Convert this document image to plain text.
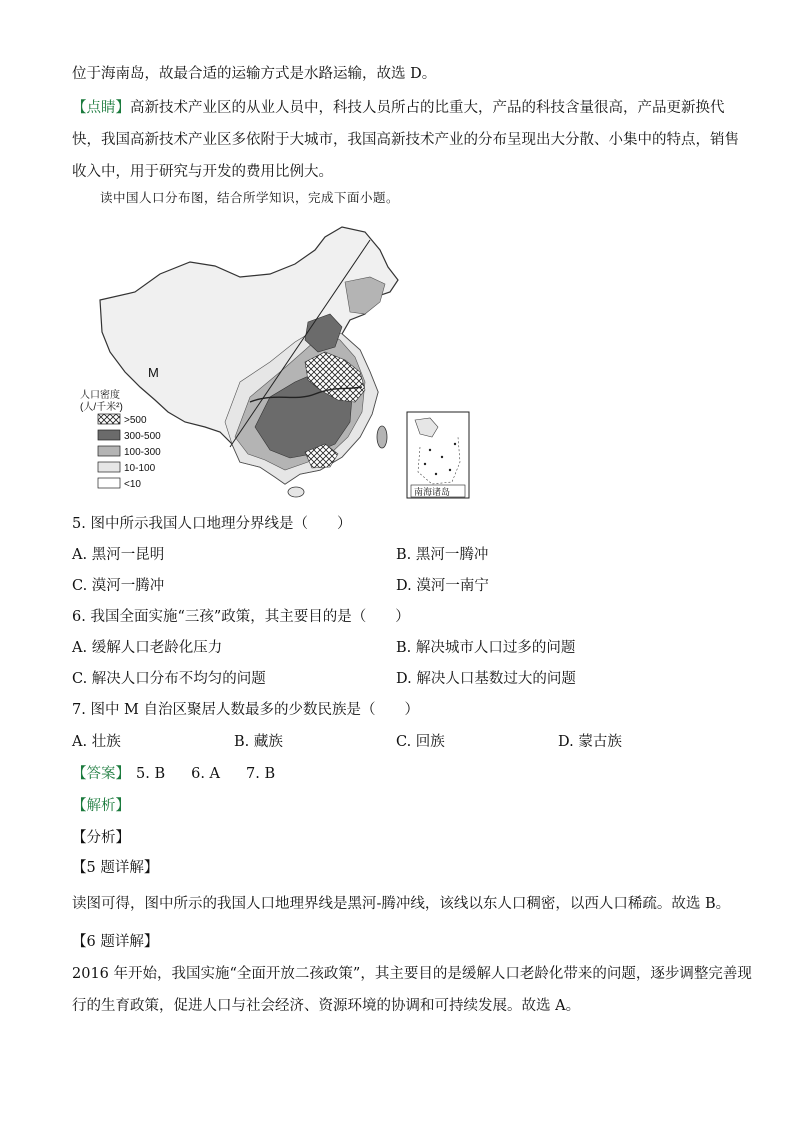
位于海南岛，故最合适的运输方式是水路运输，故选 D。

【点睛】高新技术产业区的从业人员中，科技人员所占的比重大，产品的科技含量很高，产品更新换代

快，我国高新技术产业区多依附于大城市，我国高新技术产业的分布呈现出大分散、小集中的特点，销售

收入中，用于研究与开发的费用比例大。

读中国人口分布图，结合所学知识，完成下面小题。
M
人口密度
(人/千米²)
>500
300-500
100-300
10-100
<10
南海诸岛

5. 图中所示我国人口地理分界线是（　　）

A. 黑河一昆明	B. 黑河一腾冲
C. 漠河一腾冲	D. 漠河一南宁

6. 我国全面实施“三孩”政策，其主要目的是（　　）

A. 缓解人口老龄化压力	B. 解决城市人口过多的问题
C. 解决人口分布不均匀的问题	D. 解决人口基数过大的问题

7. 图中 M 自治区聚居人数最多的少数民族是（　　）

A. 壮族	B. 藏族	C. 回族	D. 蒙古族

【答案】 5. B 6. A 7. B

【解析】

【分析】

【5 题详解】

读图可得，图中所示的我国人口地理界线是黑河-腾冲线，该线以东人口稠密，以西人口稀疏。故选 B。

【6 题详解】

2016 年开始，我国实施“全面开放二孩政策”，其主要目的是缓解人口老龄化带来的问题，逐步调整完善现

行的生育政策，促进人口与社会经济、资源环境的协调和可持续发展。故选 A。
